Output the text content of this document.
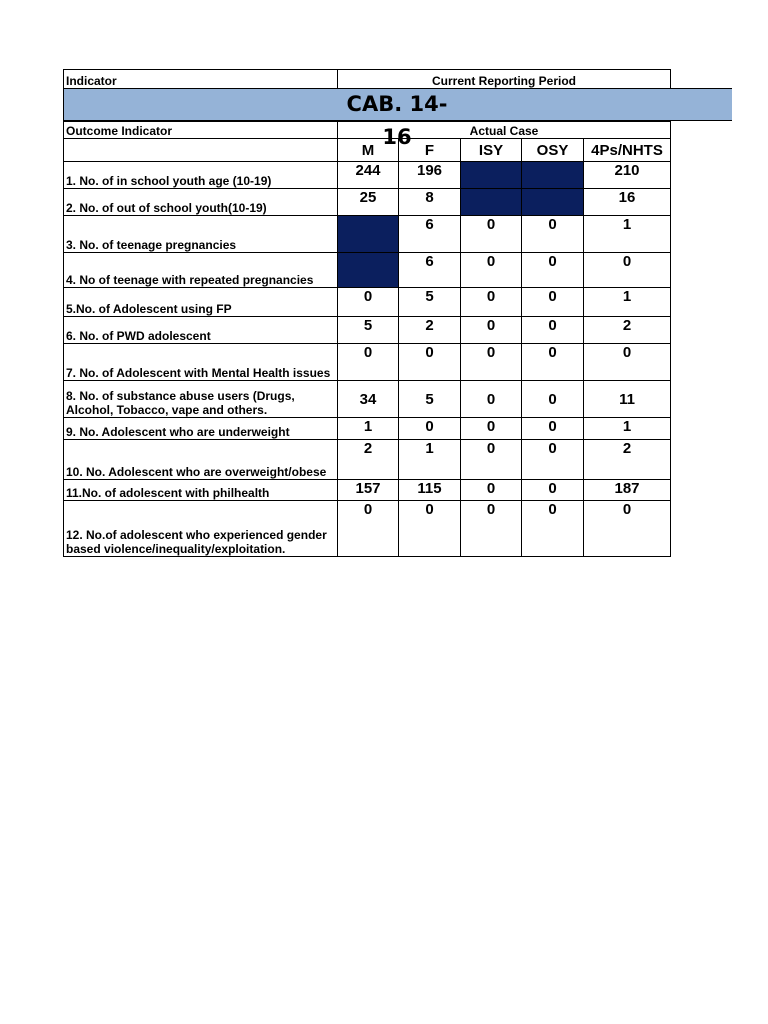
Indicator	Current Reporting Period				

Outcome Indicator	Actual Case				
	M	F	ISY	OSY	4Ps/NHTS
1. No. of in school youth age (10-19)	244	196			210
2. No. of out of school youth(10-19)	25	8			16
3. No. of teenage pregnancies		6	0	0	1
4. No of teenage with repeated pregnancies		6	0	0	0
5.No. of Adolescent using FP	0	5	0	0	1
6. No. of PWD adolescent	5	2	0	0	2
7. No. of Adolescent with Mental Health issues	0	0	0	0	0
8. No. of substance abuse users (Drugs, Alcohol, Tobacco, vape and others.	34	5	0	0	11
9. No. Adolescent who are underweight	1	0	0	0	1
10. No. Adolescent who are overweight/obese	2	1	0	0	2
11.No. of adolescent with philhealth	157	115	0	0	187
12. No.of adolescent who experienced gender based violence/inequality/exploitation.	0	0	0	0	0
CAB. 14-16
